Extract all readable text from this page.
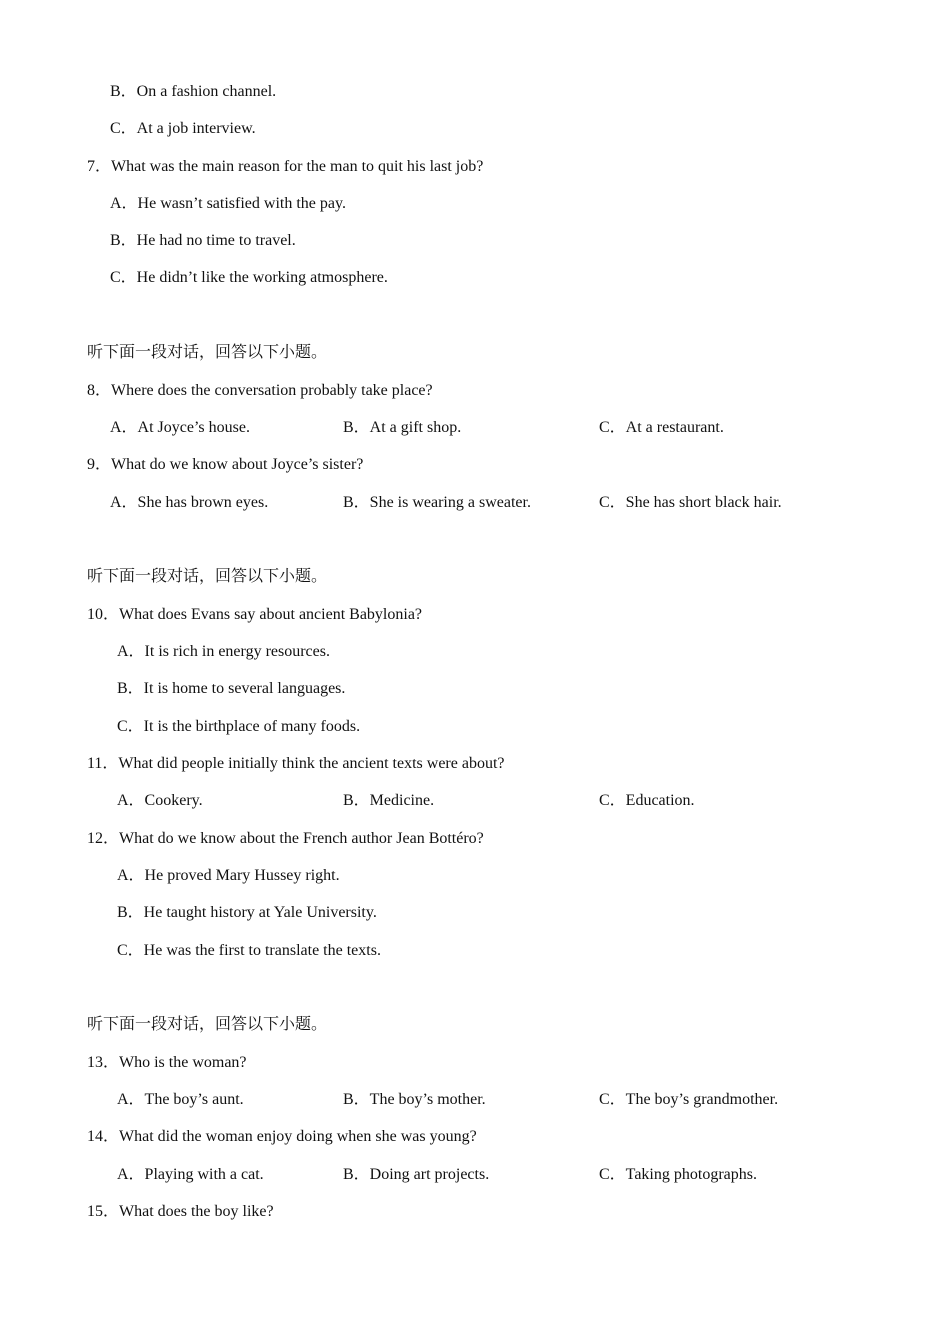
B．On a fashion channel.
C．At a job interview.
7．What was the main reason for the man to quit his last job?
A．He wasn’t satisfied with the pay.
B．He had no time to travel.
C．He didn’t like the working atmosphere.
听下面一段对话，回答以下小题。
8．Where does the conversation probably take place?
A．At Joyce’s house.	B．At a gift shop.	C．At a restaurant.
9．What do we know about Joyce’s sister?
A．She has brown eyes.	B．She is wearing a sweater.	C．She has short black hair.
听下面一段对话，回答以下小题。
10．What does Evans say about ancient Babylonia?
A．It is rich in energy resources.
B．It is home to several languages.
C．It is the birthplace of many foods.
11．What did people initially think the ancient texts were about?
A．Cookery.	B．Medicine.	C．Education.
12．What do we know about the French author Jean Bottéro?
A．He proved Mary Hussey right.
B．He taught history at Yale University.
C．He was the first to translate the texts.
听下面一段对话，回答以下小题。
13．Who is the woman?
A．The boy’s aunt.	B．The boy’s mother.	C．The boy’s grandmother.
14．What did the woman enjoy doing when she was young?
A．Playing with a cat.	B．Doing art projects.	C．Taking photographs.
15．What does the boy like?
